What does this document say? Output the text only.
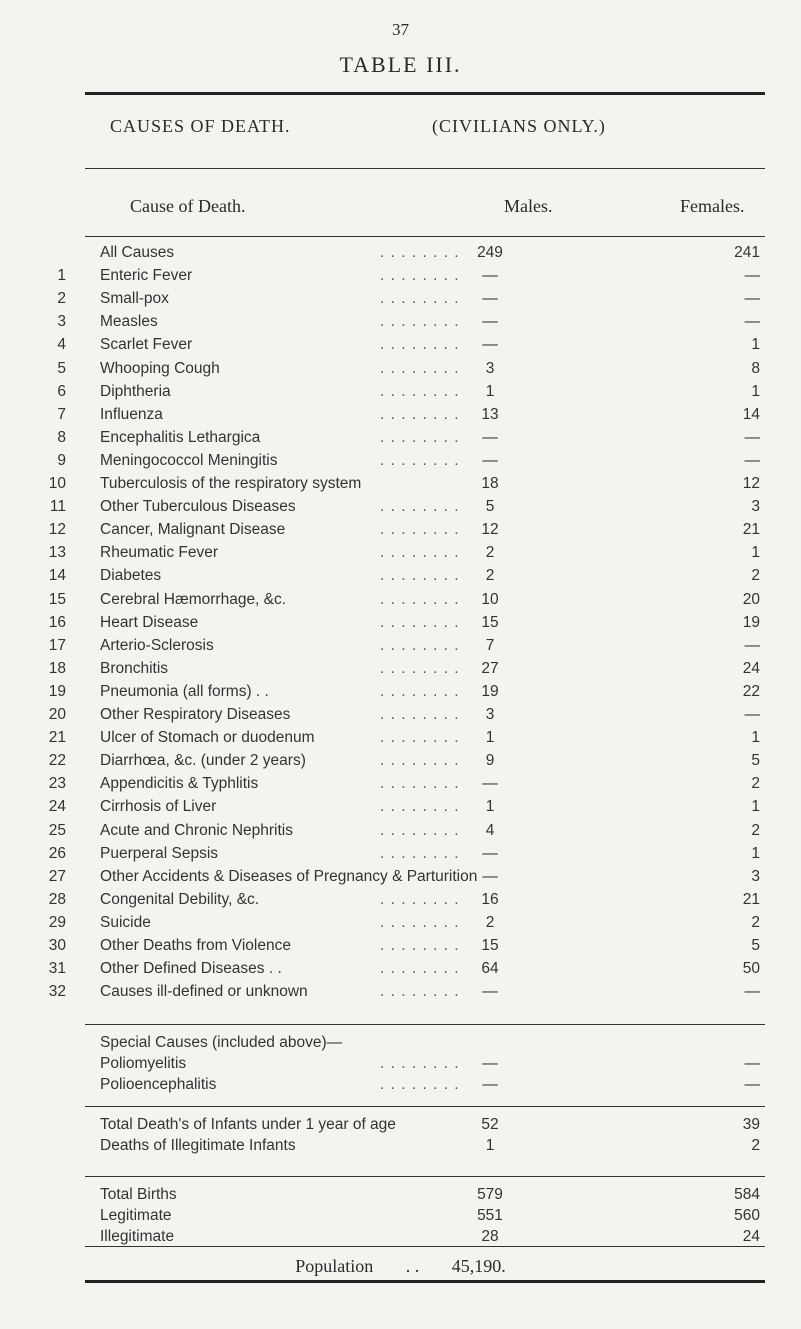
37
TABLE III.
CAUSES OF DEATH.	(CIVILIANS ONLY.)
Cause of Death.	Males.	Females.
All Causes	. . . . . . . .	249	241
1 Enteric Fever	. . . . . . . .	—	—
2 Small-pox	. . . . . . . .	—	—
3 Measles	. . . . . . . .	—	—
4 Scarlet Fever	. . . . . . . .	—	1
5 Whooping Cough	. . . . . . . .	3	8
6 Diphtheria	. . . . . . . .	1	1
7 Influenza	. . . . . . . .	13	14
8 Encephalitis Lethargica	. . . . . . . .	—	—
9 Meningococcol Meningitis	. . . . . . . .	—	—
10 Tuberculosis of the respiratory system	18	12
11 Other Tuberculous Diseases	. . . . . . . .	5	3
12 Cancer, Malignant Disease	. . . . . . . .	12	21
13 Rheumatic Fever	. . . . . . . .	2	1
14 Diabetes	. . . . . . . .	2	2
15 Cerebral Hæmorrhage, &c.	. . . . . . . .	10	20
16 Heart Disease	. . . . . . . .	15	19
17 Arterio-Sclerosis	. . . . . . . .	7	—
18 Bronchitis	. . . . . . . .	27	24
19 Pneumonia (all forms) . .	. . . . . . . .	19	22
20 Other Respiratory Diseases	. . . . . . . .	3	—
21 Ulcer of Stomach or duodenum	. . . . . . . .	1	1
22 Diarrhœa, &c. (under 2 years)	. . . . . . . .	9	5
23 Appendicitis & Typhlitis	. . . . . . . .	—	2
24 Cirrhosis of Liver	. . . . . . . .	1	1
25 Acute and Chronic Nephritis	. . . . . . . .	4	2
26 Puerperal Sepsis	. . . . . . . .	—	1
27 Other Accidents & Diseases of Pregnancy & Parturition —	3
28 Congenital Debility, &c.	. . . . . . . .	16	21
29 Suicide	. . . . . . . .	2	2
30 Other Deaths from Violence	. . . . . . . .	15	5
31 Other Defined Diseases . .	. . . . . . . .	64	50
32 Causes ill-defined or unknown	. . . . . . . .	—	—
Special Causes (included above)—
Poliomyelitis	. . . . . . . .	—	—
Polioencephalitis	. . . . . . . .	—	—
Total Death's of Infants under 1 year of age	52	39
Deaths of Illegitimate Infants	1	2
Total Births	579	584
Legitimate	551	560
Illegitimate	28	24
Population . . 45,190.
